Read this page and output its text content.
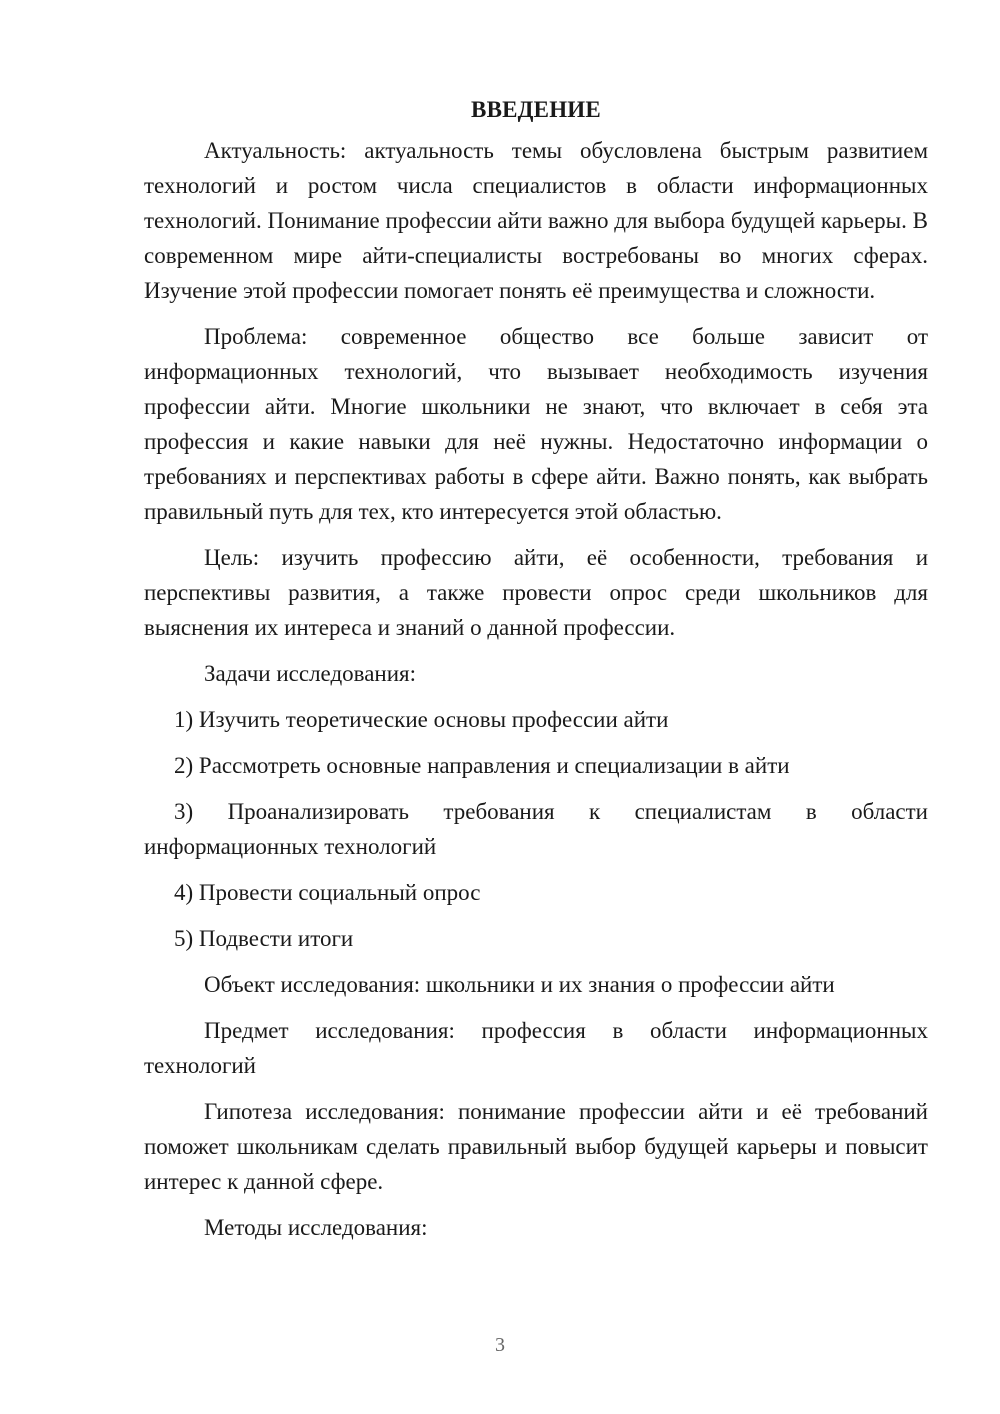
ВВЕДЕНИЕ

Актуальность: актуальность темы обусловлена быстрым развитием технологий и ростом числа специалистов в области информационных технологий. Понимание профессии айти важно для выбора будущей карьеры. В современном мире айти-специалисты востребованы во многих сферах. Изучение этой профессии помогает понять её преимущества и сложности.

Проблема: современное общество все больше зависит от информационных технологий, что вызывает необходимость изучения профессии айти. Многие школьники не знают, что включает в себя эта профессия и какие навыки для неё нужны. Недостаточно информации о требованиях и перспективах работы в сфере айти. Важно понять, как выбрать правильный путь для тех, кто интересуется этой областью.

Цель: изучить профессию айти, её особенности, требования и перспективы развития, а также провести опрос среди школьников для выяснения их интереса и знаний о данной профессии.

Задачи исследования:

1) Изучить теоретические основы профессии айти

2) Рассмотреть основные направления и специализации в айти

3) Проанализировать требования к специалистам в области информационных технологий

4) Провести социальный опрос

5) Подвести итоги

Объект исследования: школьники и их знания о профессии айти

Предмет исследования: профессия в области информационных технологий

Гипотеза исследования: понимание профессии айти и её требований поможет школьникам сделать правильный выбор будущей карьеры и повысит интерес к данной сфере.

Методы исследования:

3
